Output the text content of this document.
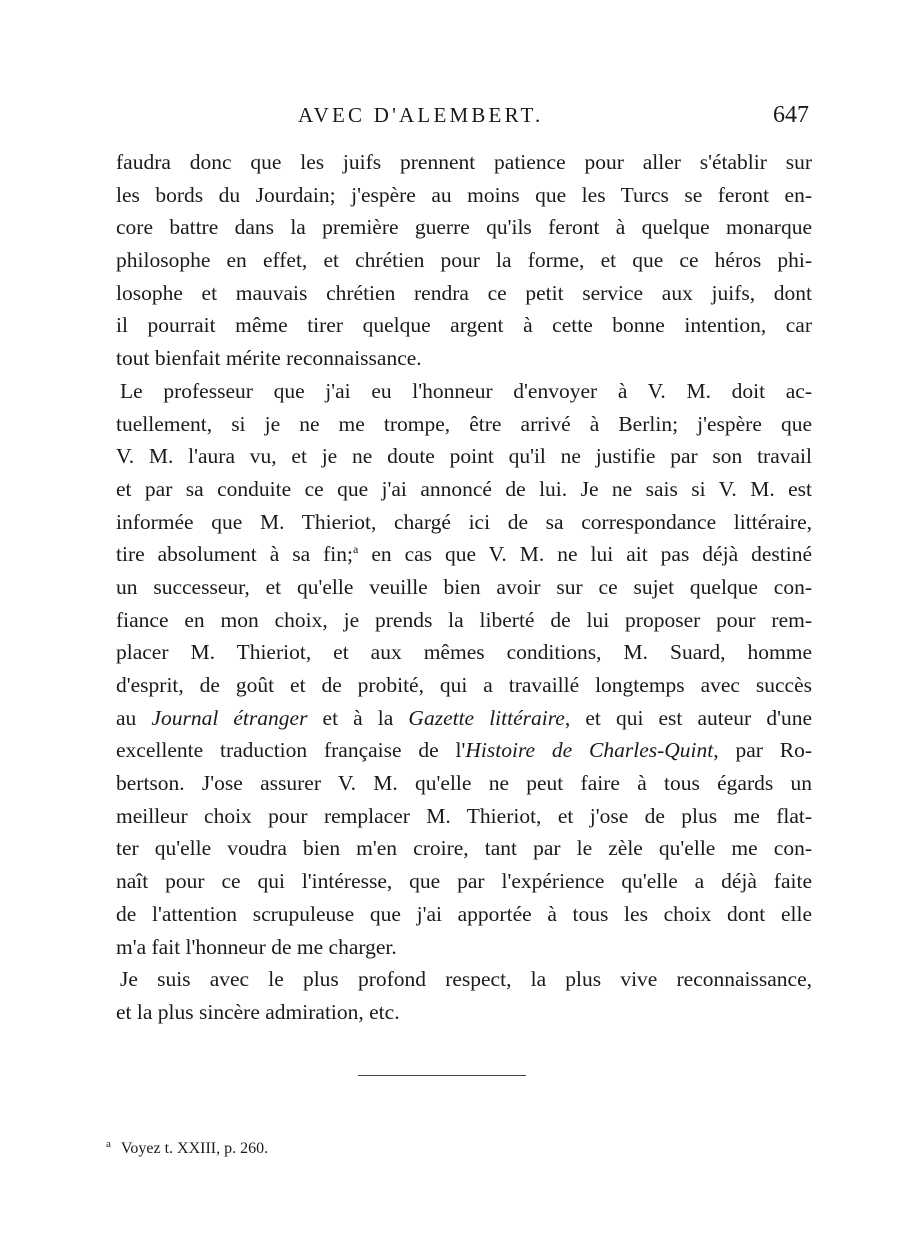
AVEC D'ALEMBERT.	647
faudra donc que les juifs prennent patience pour aller s'établir sur
les bords du Jourdain; j'espère au moins que les Turcs se feront en-
core battre dans la première guerre qu'ils feront à quelque monarque
philosophe en effet, et chrétien pour la forme, et que ce héros phi-
losophe et mauvais chrétien rendra ce petit service aux juifs, dont
il pourrait même tirer quelque argent à cette bonne intention, car
tout bienfait mérite reconnaissance.
Le professeur que j'ai eu l'honneur d'envoyer à V. M. doit ac-
tuellement, si je ne me trompe, être arrivé à Berlin; j'espère que
V. M. l'aura vu, et je ne doute point qu'il ne justifie par son travail
et par sa conduite ce que j'ai annoncé de lui. Je ne sais si V. M. est
informée que M. Thieriot, chargé ici de sa correspondance littéraire,
tire absolument à sa fin;$^a$ en cas que V. M. ne lui ait pas déjà destiné
un successeur, et qu'elle veuille bien avoir sur ce sujet quelque con-
fiance en mon choix, je prends la liberté de lui proposer pour rem-
placer M. Thieriot, et aux mêmes conditions, M. Suard, homme
d'esprit, de goût et de probité, qui a travaillé longtemps avec succès
au Journal étranger et à la Gazette littéraire, et qui est auteur d'une
excellente traduction française de l'Histoire de Charles-Quint, par Ro-
bertson. J'ose assurer V. M. qu'elle ne peut faire à tous égards un
meilleur choix pour remplacer M. Thieriot, et j'ose de plus me flat-
ter qu'elle voudra bien m'en croire, tant par le zèle qu'elle me con-
naît pour ce qui l'intéresse, que par l'expérience qu'elle a déjà faite
de l'attention scrupuleuse que j'ai apportée à tous les choix dont elle
m'a fait l'honneur de me charger.
Je suis avec le plus profond respect, la plus vive reconnaissance,
et la plus sincère admiration, etc.
$^a$ Voyez t. XXIII, p. 260.
